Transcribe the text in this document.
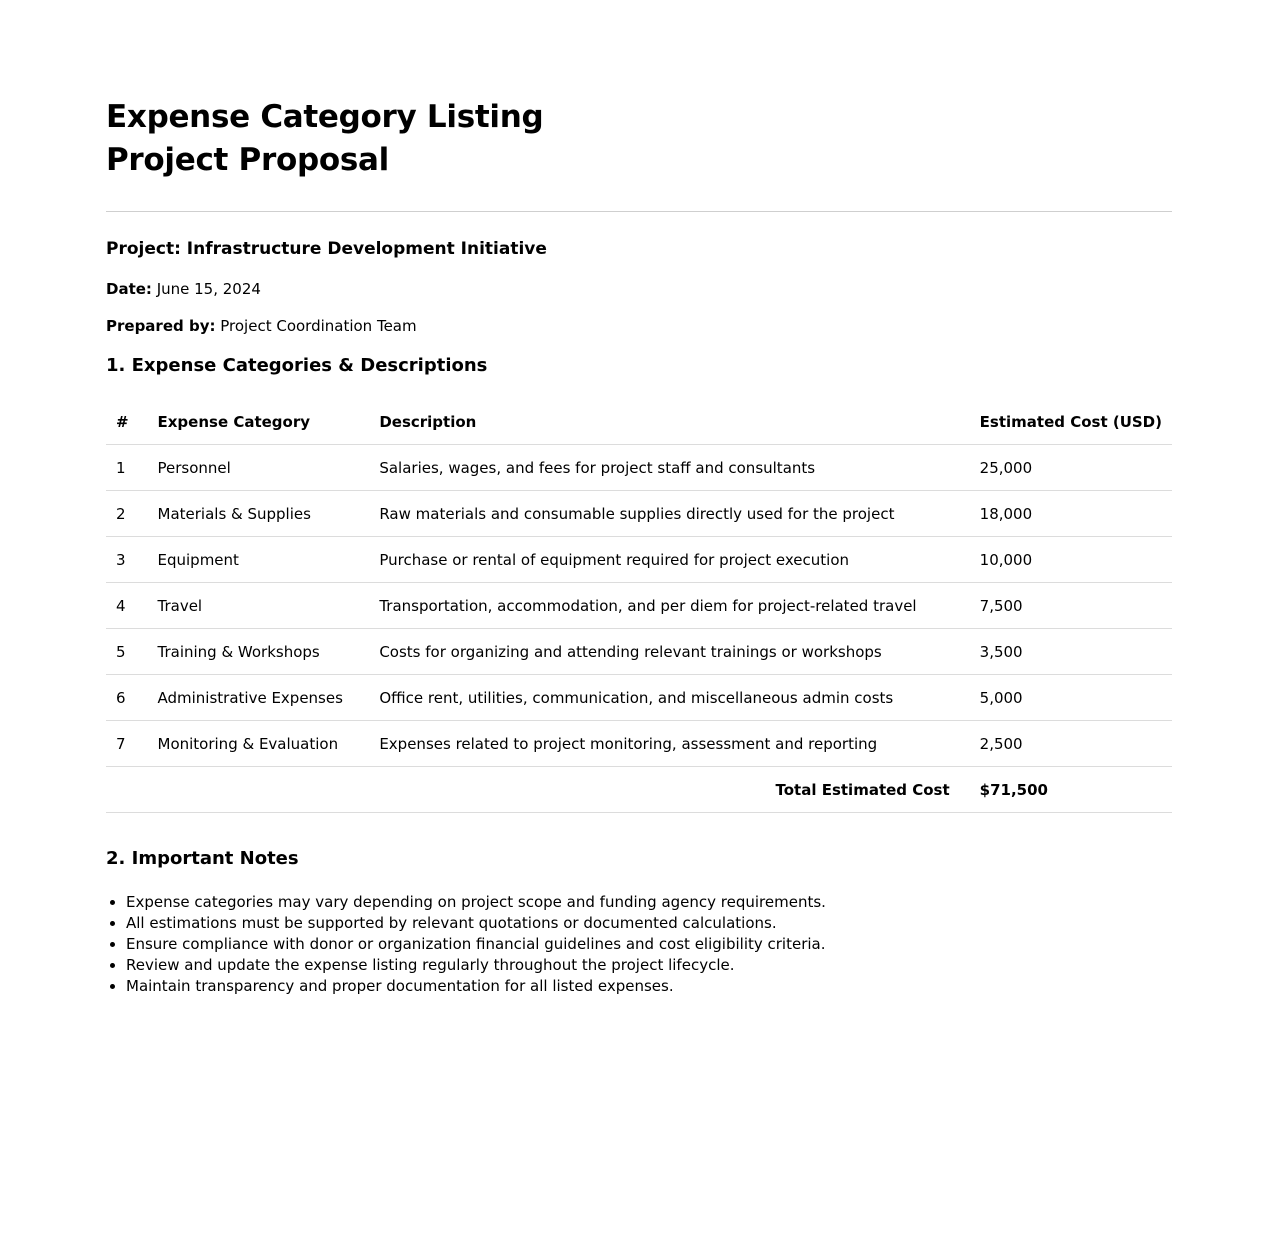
Expense Category Listing
Project Proposal

Project: Infrastructure Development Initiative

Date: June 15, 2024

Prepared by: Project Coordination Team

1. Expense Categories & Descriptions
#	Expense Category	Description	Estimated Cost (USD)
1	Personnel	Salaries, wages, and fees for project staff and consultants	25,000
2	Materials & Supplies	Raw materials and consumable supplies directly used for the project	18,000
3	Equipment	Purchase or rental of equipment required for project execution	10,000
4	Travel	Transportation, accommodation, and per diem for project-related travel	7,500
5	Training & Workshops	Costs for organizing and attending relevant trainings or workshops	3,500
6	Administrative Expenses	Office rent, utilities, communication, and miscellaneous admin costs	5,000
7	Monitoring & Evaluation	Expenses related to project monitoring, assessment and reporting	2,500
Total Estimated Cost			$71,500
2. Important Notes
• Expense categories may vary depending on project scope and funding agency requirements.
• All estimations must be supported by relevant quotations or documented calculations.
• Ensure compliance with donor or organization financial guidelines and cost eligibility criteria.
• Review and update the expense listing regularly throughout the project lifecycle.
• Maintain transparency and proper documentation for all listed expenses.
